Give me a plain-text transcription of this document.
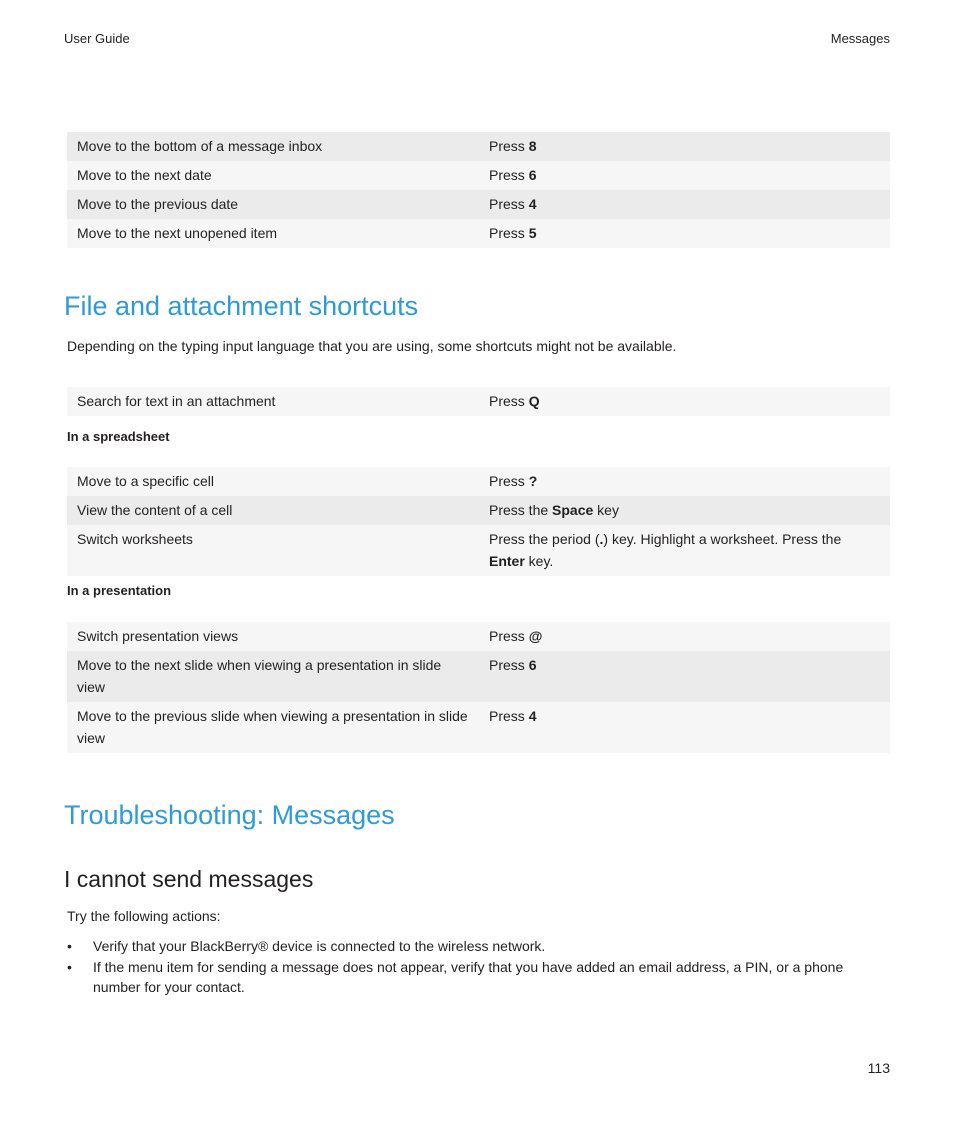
User Guide	Messages
Move to the bottom of a message inbox	Press 8
Move to the next date	Press 6
Move to the previous date	Press 4
Move to the next unopened item	Press 5
File and attachment shortcuts

Depending on the typing input language that you are using, some shortcuts might not be available.

Search for text in an attachment	Press Q
In a spreadsheet
Move to a specific cell	Press ?
View the content of a cell	Press the Space key
Switch worksheets	Press the period (.) key. Highlight a worksheet. Press the Enter key.
In a presentation
Switch presentation views	Press @
Move to the next slide when viewing a presentation in slide view	Press 6
Move to the previous slide when viewing a presentation in slide view	Press 4
Troubleshooting: Messages
I cannot send messages

Try the following actions:

• Verify that your BlackBerry® device is connected to the wireless network.
• If the menu item for sending a message does not appear, verify that you have added an email address, a PIN, or a phone number for your contact.
113
